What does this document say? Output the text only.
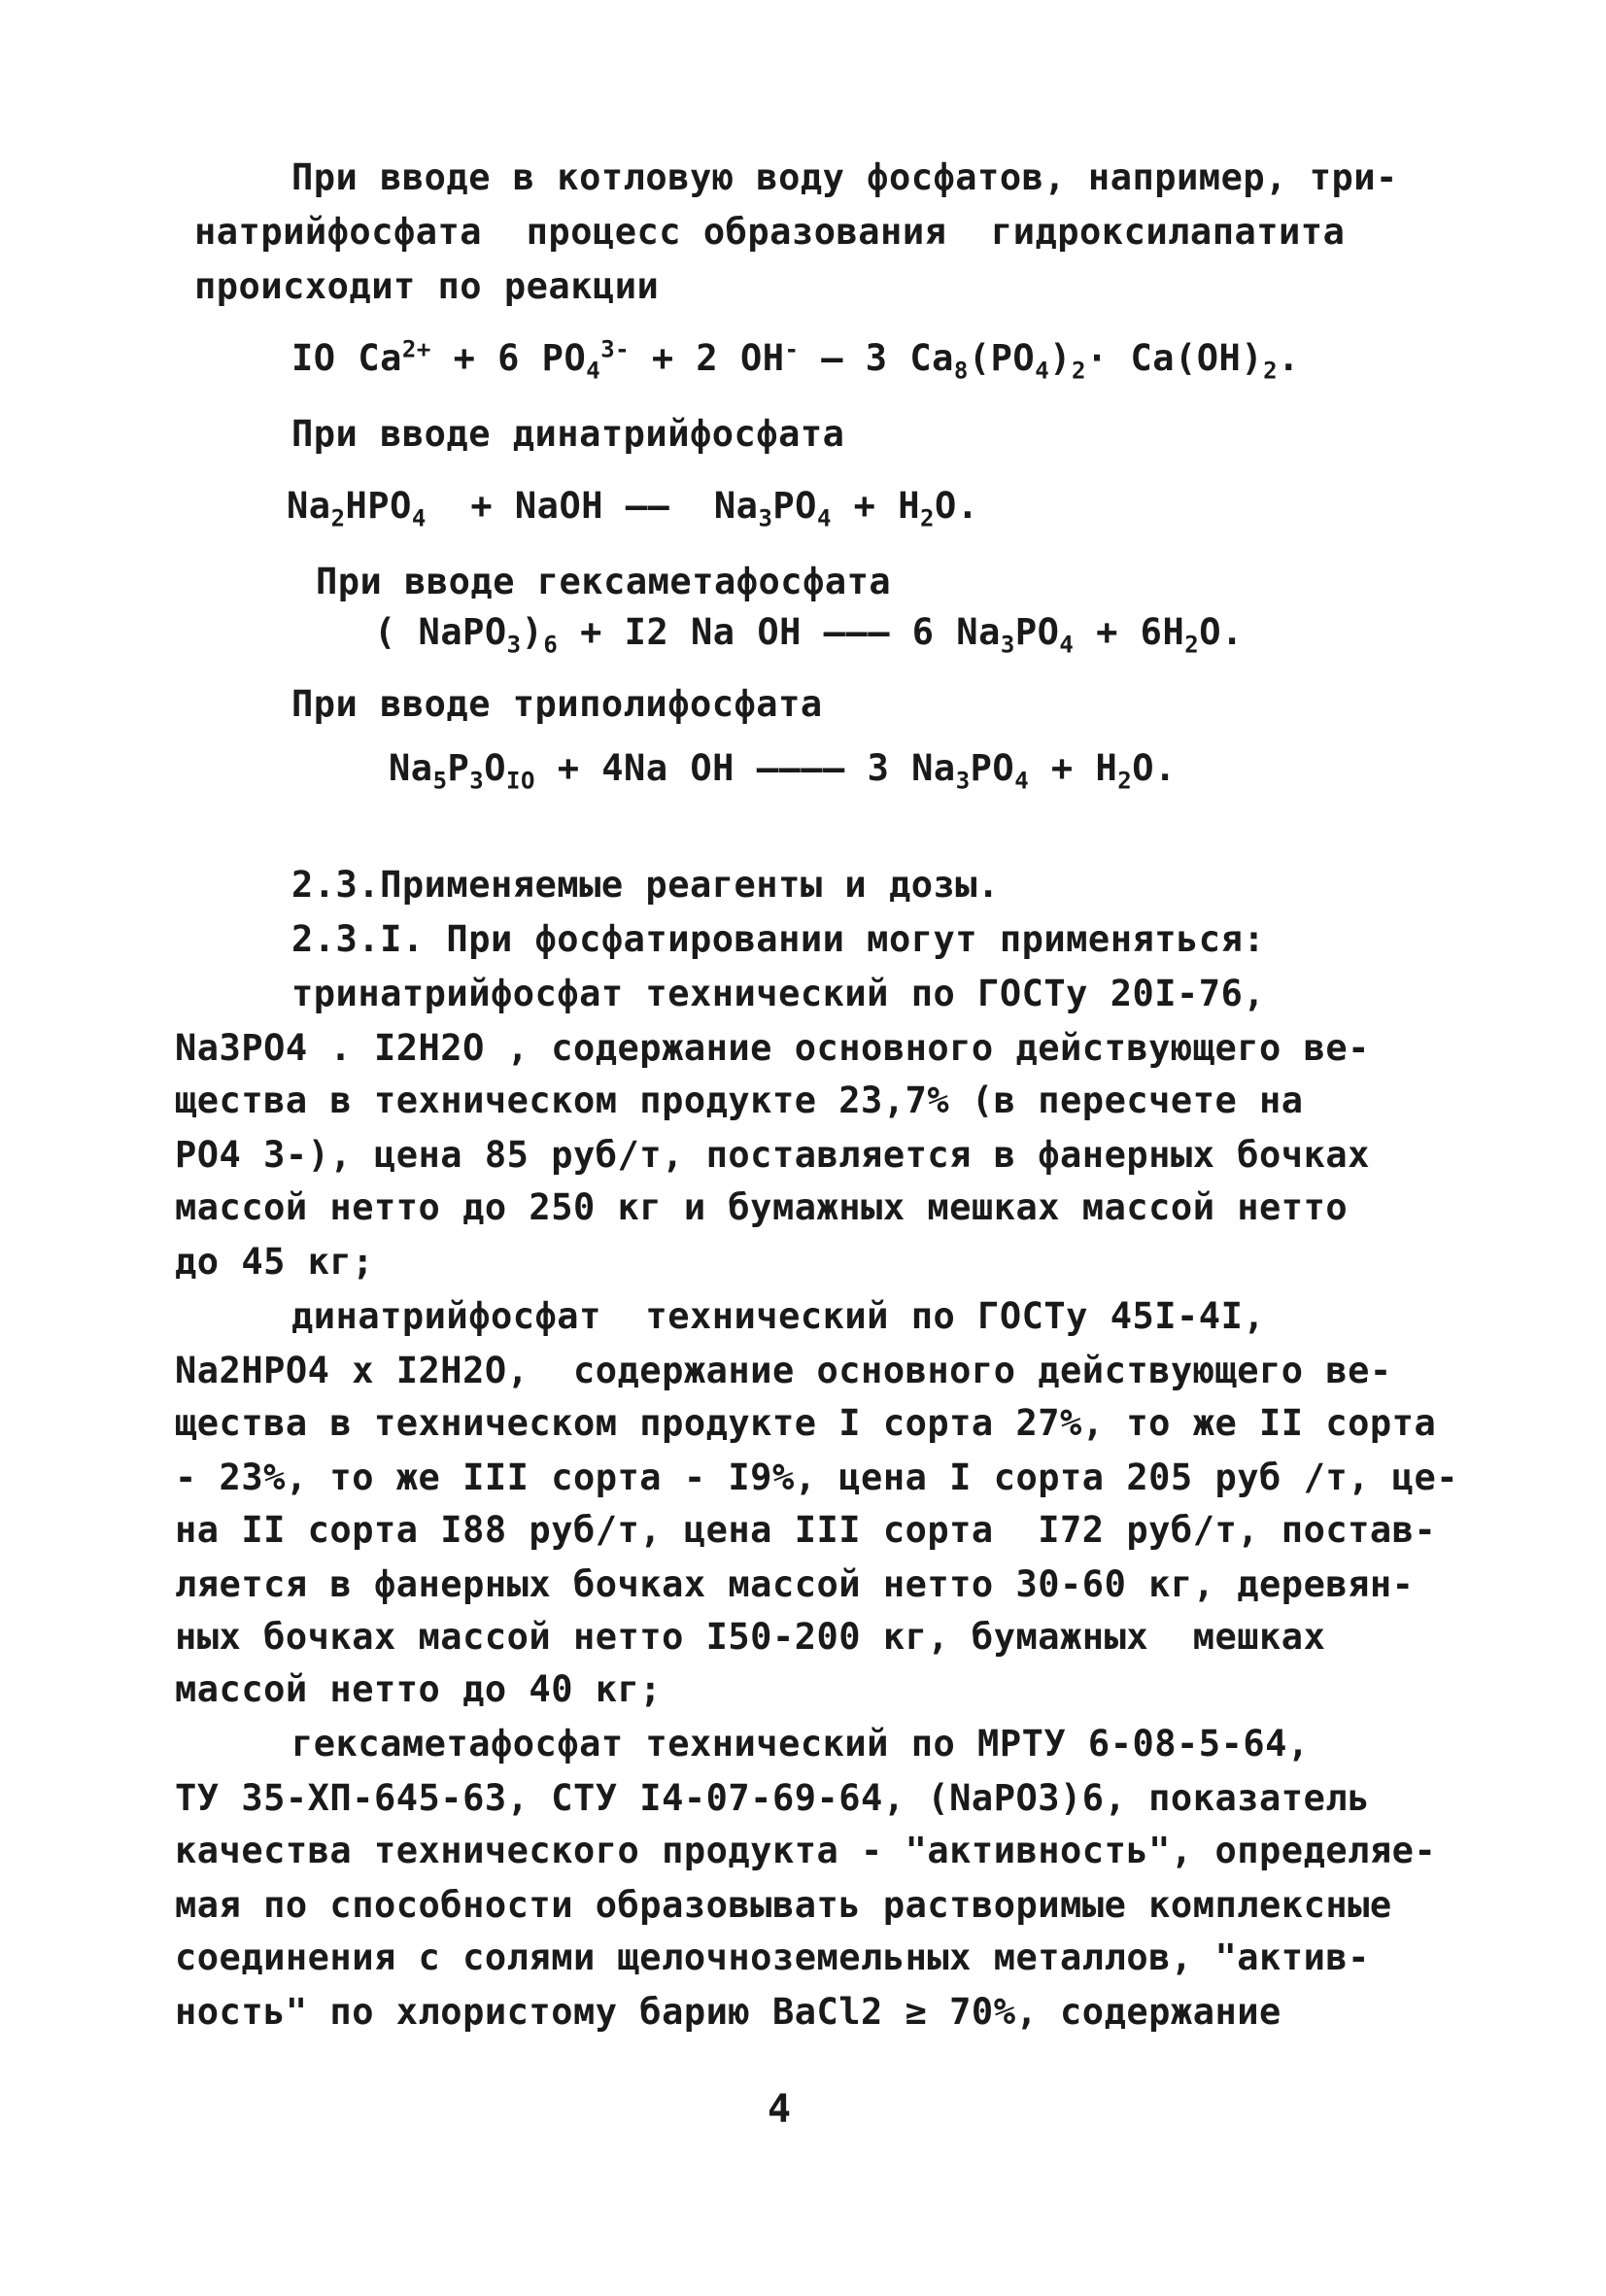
При вводе в котловую воду фосфатов, например, три-
натрийфосфата  процесс образования  гидроксилапатита
происходит по реакции
IO $Ca^{2+} + 6$ $PO_4^{3-} + 2$ OH- — 3 $Ca_8(PO_4)_2\cdot Ca(OH)_2$.
При вводе динатрийфосфата
$Na_2HPO_4$  + NaOH ——  $Na_3PO_4 + H_2O$.
При вводе гексаметафосфата
( $NaPO_3)_6 + I2$ Na OH ——— 6 $Na_3PO_4 + 6H_2O$.
При вводе триполифосфата
$Na_5P_3O_{IO} + 4Na$ OH ———— 3 $Na_3PO_4 + H_2O$.
2.3.Применяемые реагенты и дозы.
2.3.I. При фосфатировании могут применяться:
тринатрийфосфат технический по ГОСТу 20I-76,
Na3PO4 . I2H2O , содержание основного действующего ве-
щества в техническом продукте 23,7% (в пересчете на
PO4 3-), цена 85 руб/т, поставляется в фанерных бочках
массой нетто до 250 кг и бумажных мешках массой нетто
до 45 кг;
динатрийфосфат  технический по ГОСТу 45I-4I,
Na2HPO4 x I2H2O,  содержание основного действующего ве-
щества в техническом продукте I сорта 27%, то же II сорта
- 23%, то же III сорта - I9%, цена I сорта 205 руб /т, це-
на II сорта I88 руб/т, цена III сорта  I72 руб/т, постав-
ляется в фанерных бочках массой нетто 30-60 кг, деревян-
ных бочках массой нетто I50-200 кг, бумажных  мешках
массой нетто до 40 кг;
гексаметафосфат технический по МРТУ 6-08-5-64,
ТУ 35-ХП-645-63, СТУ I4-07-69-64, (NaPO3)6, показатель
качества технического продукта - "активность", определяе-
мая по способности образовывать растворимые комплексные
соединения с солями щелочноземельных металлов, "актив-
ность" по хлористому барию BaCl2 ≥ 70%, содержание
4
